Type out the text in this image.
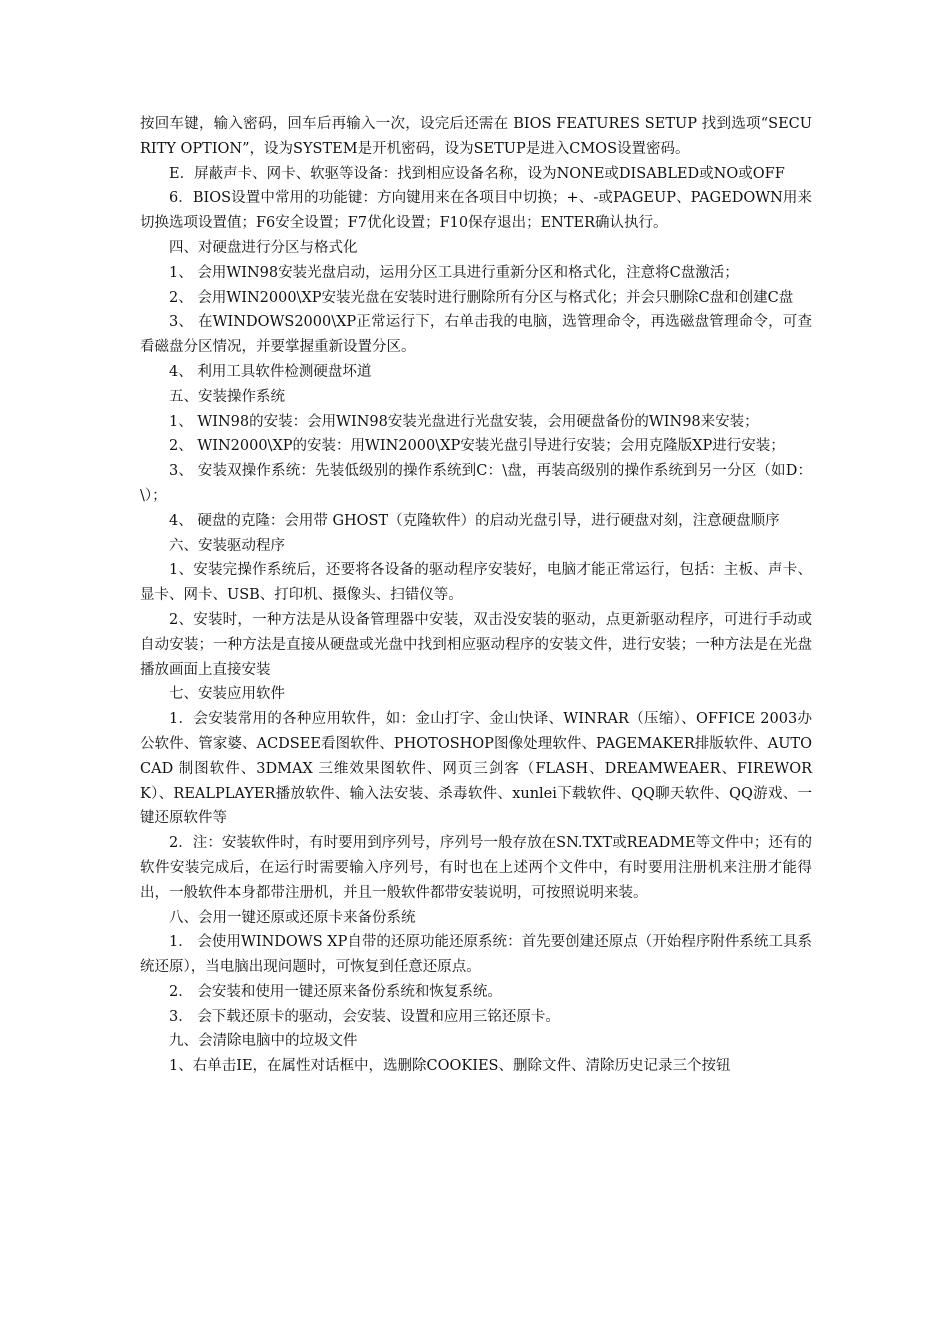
按回车键，输入密码，回车后再输入一次，设完后还需在 BIOS FEATURES SETUP 找到选项“SECURITY OPTION”，设为SYSTEM是开机密码，设为SETUP是进入CMOS设置密码。

E．屏蔽声卡、网卡、软驱等设备：找到相应设备名称，设为NONE或DISABLED或NO或OFF

6．BIOS设置中常用的功能键：方向键用来在各项目中切换；+、-或PAGEUP、PAGEDOWN用来切换选项设置值；F6安全设置；F7优化设置；F10保存退出；ENTER确认执行。

四、对硬盘进行分区与格式化

1、 会用WIN98安装光盘启动，运用分区工具进行重新分区和格式化，注意将C盘激活；

2、 会用WIN2000\XP安装光盘在安装时进行删除所有分区与格式化；并会只删除C盘和创建C盘

3、 在WINDOWS2000\XP正常运行下，右单击我的电脑，选管理命令，再选磁盘管理命令，可查看磁盘分区情况，并要掌握重新设置分区。

4、 利用工具软件检测硬盘坏道

五、安装操作系统

1、 WIN98的安装：会用WIN98安装光盘进行光盘安装，会用硬盘备份的WIN98来安装；

2、 WIN2000\XP的安装：用WIN2000\XP安装光盘引导进行安装；会用克隆版XP进行安装；

3、 安装双操作系统：先装低级别的操作系统到C：\盘，再装高级别的操作系统到另一分区（如D：\）；

4、 硬盘的克隆：会用带 GHOST（克隆软件）的启动光盘引导，进行硬盘对刻，注意硬盘顺序

六、安装驱动程序

1、安装完操作系统后，还要将各设备的驱动程序安装好，电脑才能正常运行，包括：主板、声卡、显卡、网卡、USB、打印机、摄像头、扫错仪等。

2、安装时，一种方法是从设备管理器中安装，双击没安装的驱动，点更新驱动程序，可进行手动或自动安装；一种方法是直接从硬盘或光盘中找到相应驱动程序的安装文件，进行安装；一种方法是在光盘播放画面上直接安装

七、安装应用软件

1．会安装常用的各种应用软件，如：金山打字、金山快译、WINRAR（压缩）、OFFICE 2003办公软件、管家婆、ACDSEE看图软件、PHOTOSHOP图像处理软件、PAGEMAKER排版软件、AUTO CAD 制图软件、3DMAX 三维效果图软件、网页三剑客（FLASH、DREAMWEAER、FIREWORK）、REALPLAYER播放软件、输入法安装、杀毒软件、xunlei下载软件、QQ聊天软件、QQ游戏、一键还原软件等

2．注：安装软件时，有时要用到序列号，序列号一般存放在SN.TXT或README等文件中；还有的软件安装完成后，在运行时需要输入序列号，有时也在上述两个文件中，有时要用注册机来注册才能得出，一般软件本身都带注册机，并且一般软件都带安装说明，可按照说明来装。

八、会用一键还原或还原卡来备份系统

1． 会使用WINDOWS XP自带的还原功能还原系统：首先要创建还原点（开始程序附件系统工具系统还原），当电脑出现问题时，可恢复到任意还原点。

2． 会安装和使用一键还原来备份系统和恢复系统。

3． 会下载还原卡的驱动，会安装、设置和应用三铭还原卡。

九、会清除电脑中的垃圾文件

1、右单击IE，在属性对话框中，选删除COOKIES、删除文件、清除历史记录三个按钮
